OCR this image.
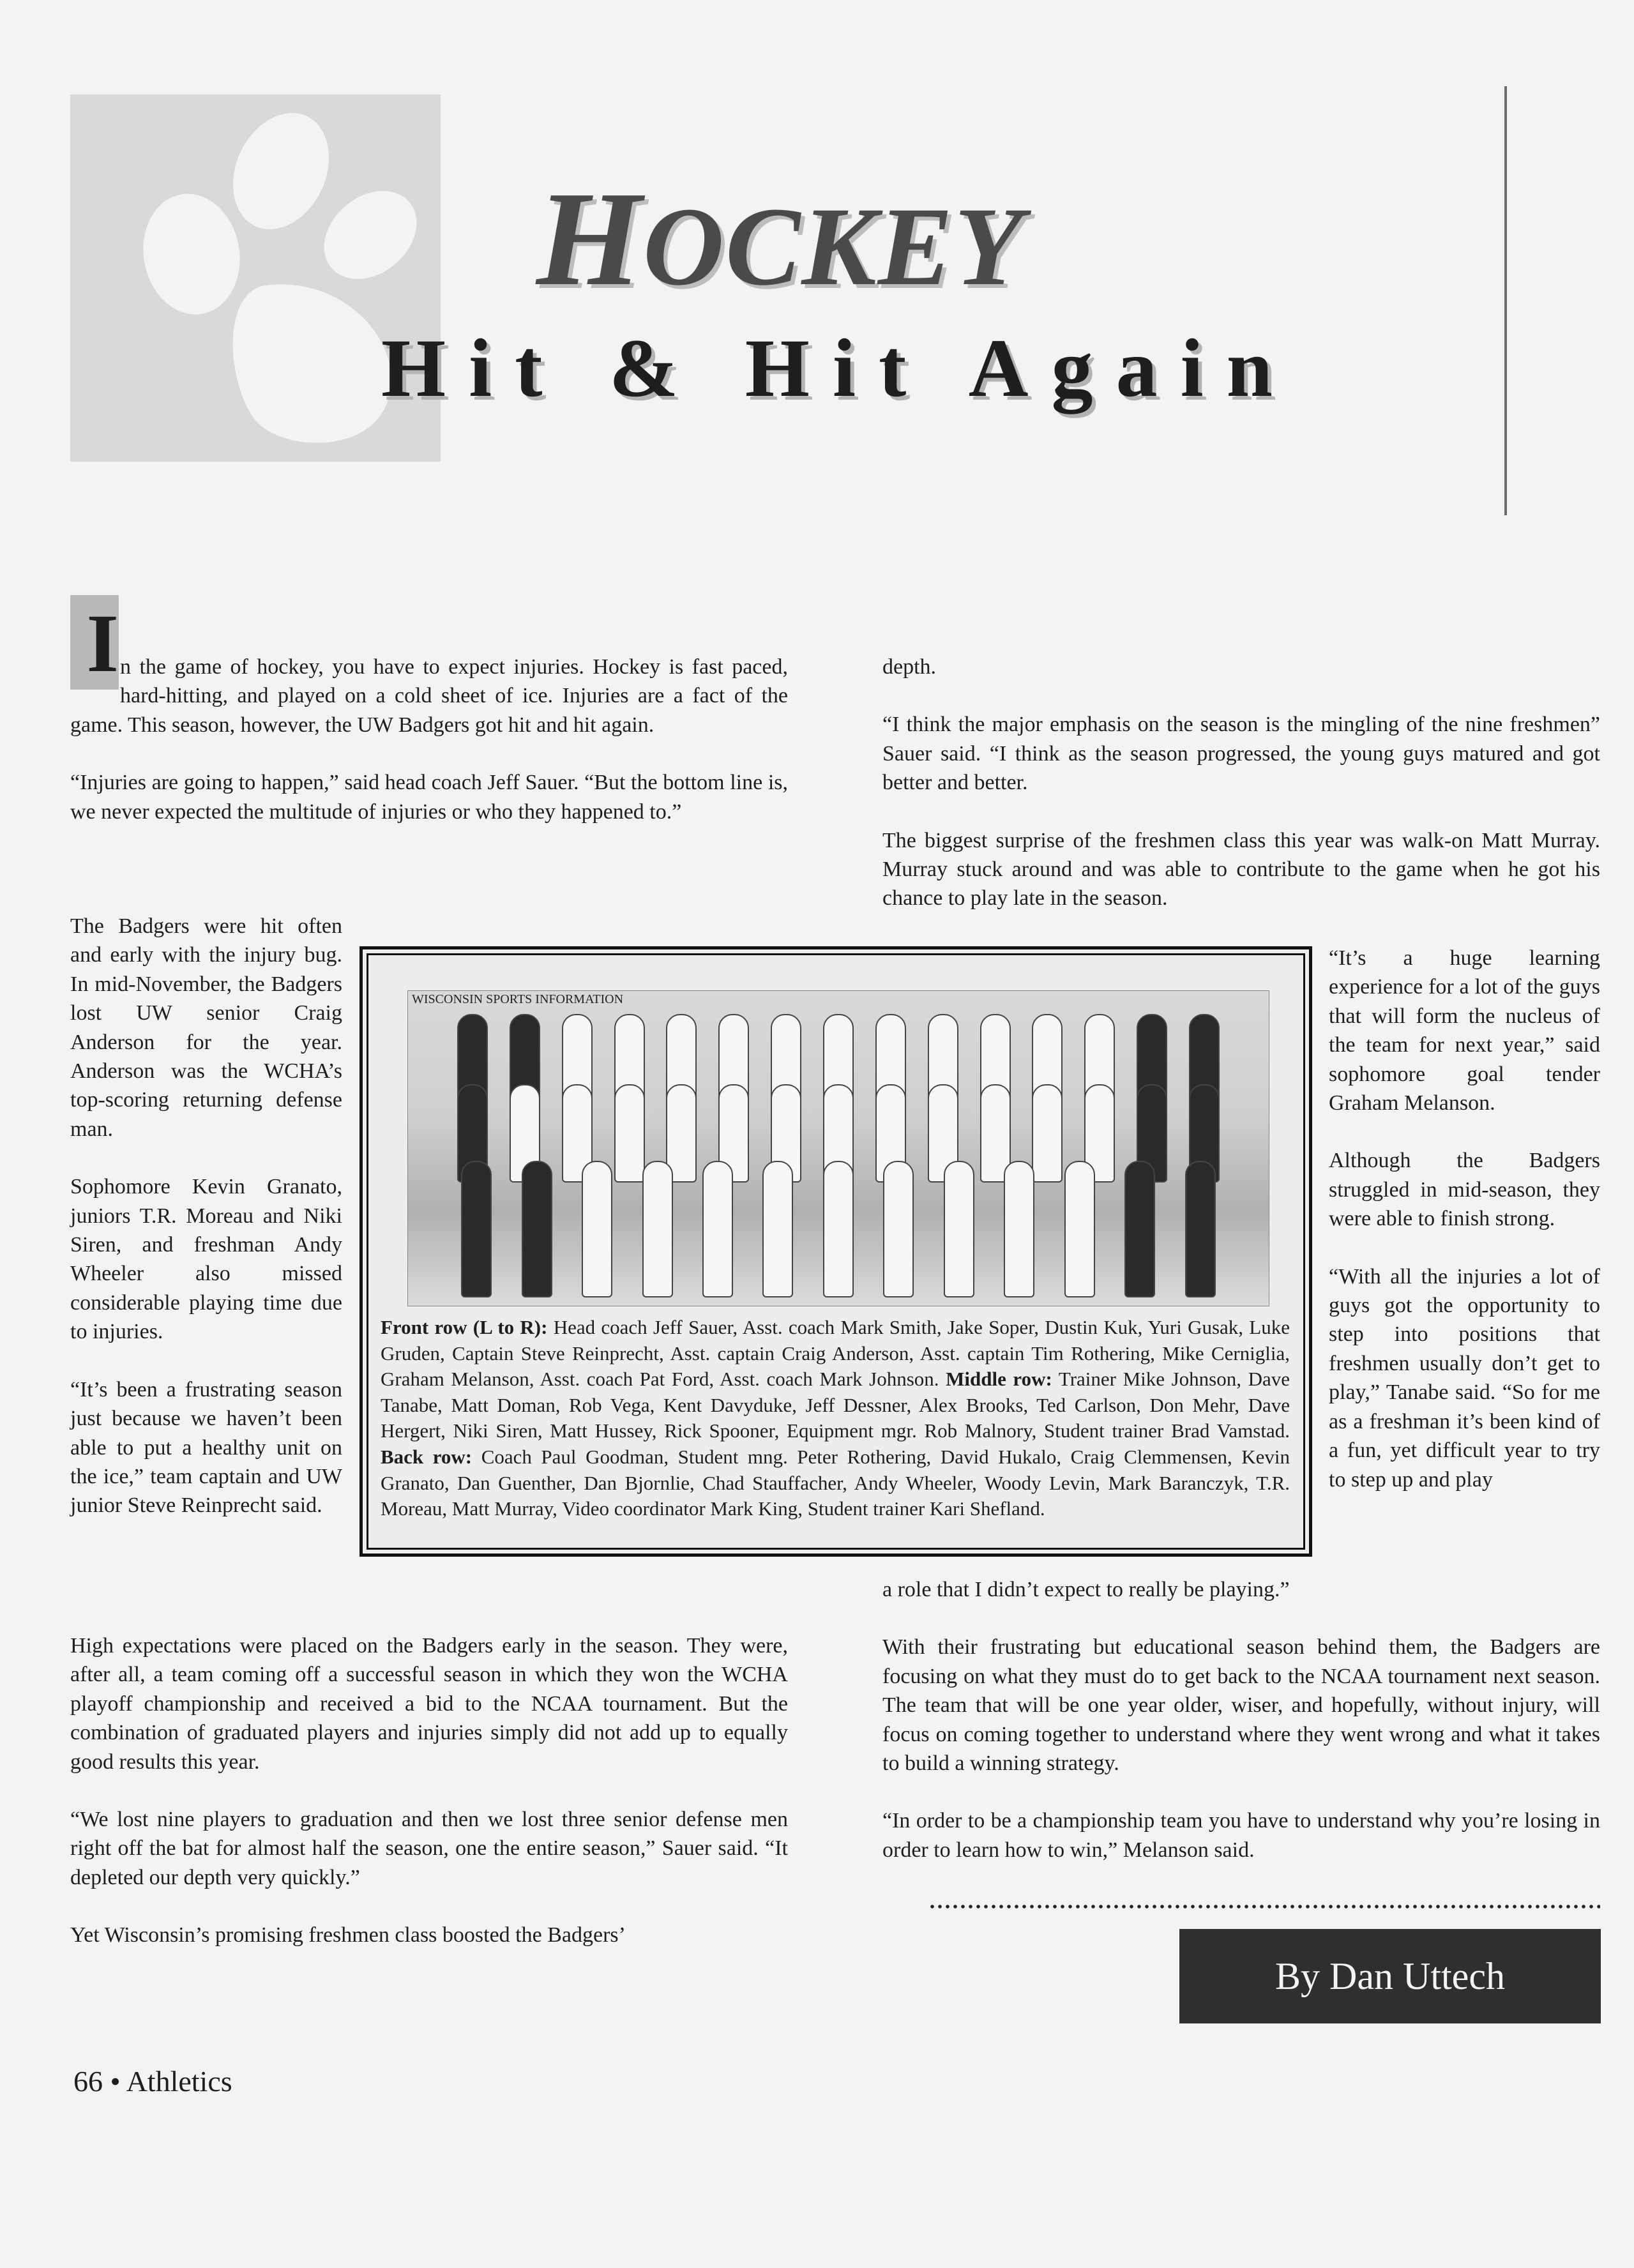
HOCKEY
Hit & Hit Again

I n the game of hockey, you have to expect injuries. Hockey is fast paced, hard-hitting, and played on a cold sheet of ice. Injuries are a fact of the game. This season, however, the UW Badgers got hit and hit again.

“Injuries are going to happen,” said head coach Jeff Sauer. “But the bottom line is, we never expected the multitude of injuries or who they happened to.”

The Badgers were hit often and early with the injury bug. In mid-November, the Badgers lost UW senior Craig Anderson for the year. Anderson was the WCHA’s top-scoring returning defense man.

Sophomore Kevin Granato, juniors T.R. Moreau and Niki Siren, and freshman Andy Wheeler also missed considerable playing time due to injuries.

“It’s been a frustrating season just because we haven’t been able to put a healthy unit on the ice,” team captain and UW junior Steve Reinprecht said.

High expectations were placed on the Badgers early in the season. They were, after all, a team coming off a successful season in which they won the WCHA playoff championship and received a bid to the NCAA tournament. But the combination of graduated players and injuries simply did not add up to equally good results this year.

“We lost nine players to graduation and then we lost three senior defense men right off the bat for almost half the season, one the entire season,” Sauer said. “It depleted our depth very quickly.”

Yet Wisconsin’s promising freshmen class boosted the Badgers’

depth.

“I think the major emphasis on the season is the mingling of the nine freshmen” Sauer said. “I think as the season progressed, the young guys matured and got better and better.

The biggest surprise of the freshmen class this year was walk-on Matt Murray. Murray stuck around and was able to contribute to the game when he got his chance to play late in the season.

“It’s a huge learning experience for a lot of the guys that will form the nucleus of the team for next year,” said sophomore goal tender Graham Melanson.

Although the Badgers struggled in mid-season, they were able to finish strong.

“With all the injuries a lot of guys got the opportunity to step into positions that freshmen usually don’t get to play,” Tanabe said. “So for me as a freshman it’s been kind of a fun, yet difficult year to try to step up and play

a role that I didn’t expect to really be playing.”

With their frustrating but educational season behind them, the Badgers are focusing on what they must do to get back to the NCAA tournament next season. The team that will be one year older, wiser, and hopefully, without injury, will focus on coming together to understand where they went wrong and what it takes to build a winning strategy.

“In order to be a championship team you have to understand why you’re losing in order to learn how to win,” Melanson said.

WISCONSIN SPORTS INFORMATION
Front row (L to R): Head coach Jeff Sauer, Asst. coach Mark Smith, Jake Soper, Dustin Kuk, Yuri Gusak, Luke Gruden, Captain Steve Reinprecht, Asst. captain Craig Anderson, Asst. captain Tim Rothering, Mike Cerniglia, Graham Melanson, Asst. coach Pat Ford, Asst. coach Mark Johnson. Middle row: Trainer Mike Johnson, Dave Tanabe, Matt Doman, Rob Vega, Kent Davyduke, Jeff Dessner, Alex Brooks, Ted Carlson, Don Mehr, Dave Hergert, Niki Siren, Matt Hussey, Rick Spooner, Equipment mgr. Rob Malnory, Student trainer Brad Vamstad. Back row: Coach Paul Goodman, Student mng. Peter Rothering, David Hukalo, Craig Clemmensen, Kevin Granato, Dan Guenther, Dan Bjornlie, Chad Stauffacher, Andy Wheeler, Woody Levin, Mark Baranczyk, T.R. Moreau, Matt Murray, Video coordinator Mark King, Student trainer Kari Shefland.
By Dan Uttech
66 • Athletics
